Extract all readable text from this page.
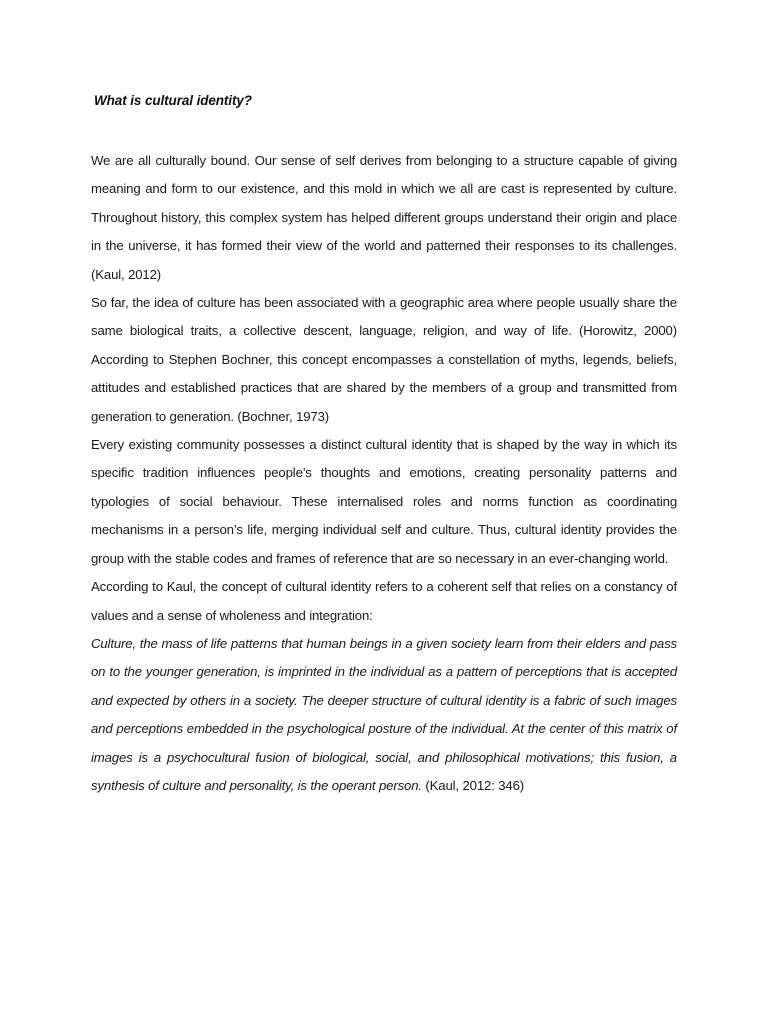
What is cultural identity?

We are all culturally bound. Our sense of self derives from belonging to a structure capable of giving meaning and form to our existence, and this mold in which we all are cast is represented by culture. Throughout history, this complex system has helped different groups understand their origin and place in the universe, it has formed their view of the world and patterned their responses to its challenges. (Kaul, 2012)

So far, the idea of culture has been associated with a geographic area where people usually share the same biological traits, a collective descent, language, religion, and way of life. (Horowitz, 2000) According to Stephen Bochner, this concept encompasses a constellation of myths, legends, beliefs, attitudes and established practices that are shared by the members of a group and transmitted from generation to generation. (Bochner, 1973)

Every existing community possesses a distinct cultural identity that is shaped by the way in which its specific tradition influences people’s thoughts and emotions, creating personality patterns and typologies of social behaviour. These internalised roles and norms function as coordinating mechanisms in a person’s life, merging individual self and culture. Thus, cultural identity provides the group with the stable codes and frames of reference that are so necessary in an ever-changing world.

According to Kaul, the concept of cultural identity refers to a coherent self that relies on a constancy of values and a sense of wholeness and integration:

Culture, the mass of life patterns that human beings in a given society learn from their elders and pass on to the younger generation, is imprinted in the individual as a pattern of perceptions that is accepted and expected by others in a society. The deeper structure of cultural identity is a fabric of such images and perceptions embedded in the psychological posture of the individual. At the center of this matrix of images is a psychocultural fusion of biological, social, and philosophical motivations; this fusion, a synthesis of culture and personality, is the operant person. (Kaul, 2012: 346)
